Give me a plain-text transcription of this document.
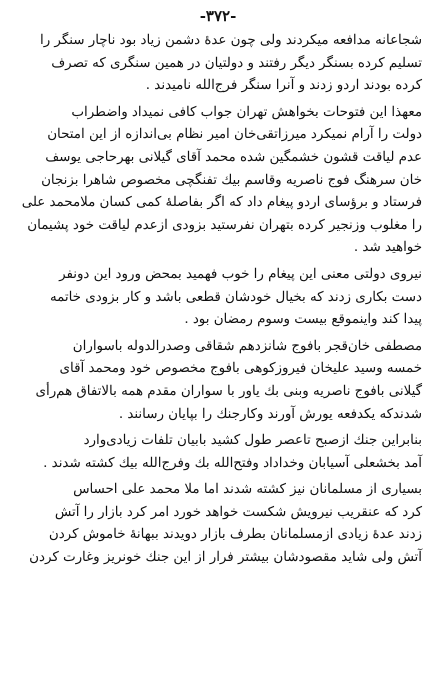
-۳۷۲-

شجاعانه مدافعه میکردند ولی چون عدهٔ دشمن زیاد بود ناچار سنگر را
تسلیم کرده بسنگر دیگر رفتند و دولتیان در همین سنگری که تصرف
کرده بودند اردو زدند و آنرا سنگر فرج‌الله نامیدند .

معهذا این فتوحات بخواهش تهران جواب کافی نمیداد واضطراب
دولت را آرام نمیکرد میرزاتقی‌خان امیر نظام بی‌اندازه از این امتحان
عدم لیاقت قشون خشمگین شده محمد آقای گیلانی بهرحاجی یوسف
خان سرهنگ فوج ناصریه وقاسم بیك تفنگچی مخصوص شاهرا بزنجان
فرستاد و برؤسای اردو پیغام داد که اگر بفاصلهٔ کمی کسان ملامحمد علی
را مغلوب وزنجیر کرده بتهران نفرستید بزودی ازعدم لیاقت خود پشیمان
خواهید شد .

نیروی دولتی معنی این پیغام را خوب فهمید بمحض ورود این دونفر
دست بکاری زدند که بخیال خودشان قطعی باشد و کار بزودی خاتمه
پیدا کند واینموقع بیست وسوم رمضان بود .

مصطفی خان‌قجر بافوج شانزدهم شقاقی وصدرالدوله باسواران
خمسه وسید علیخان فیروزکوهی بافوج مخصوص خود ومحمد آقای
گیلانی بافوج ناصریه وبنی بك یاور با سواران مقدم همه بالاتفاق هم‌رأی
شدندکه یکدفعه یورش آورند وکارجنك را بپایان رسانند .

بنابراین جنك ازصبح تاعصر طول کشید بابیان تلفات زیادی‌وارد
آمد بخشعلی آسیابان وخداداد وفتح‌الله بك وفرج‌الله بیك کشته شدند .

بسیاری از مسلمانان نیز کشته شدند اما ملا محمد علی احساس
کرد که عنقریب نیرویش شکست خواهد خورد امر کرد بازار را آتش
زدند عدهٔ زیادی ازمسلمانان بطرف بازار دویدند ببهانهٔ خاموش کردن
آتش ولی شاید مقصودشان بیشتر فرار از این جنك خونریز وغارت کردن
